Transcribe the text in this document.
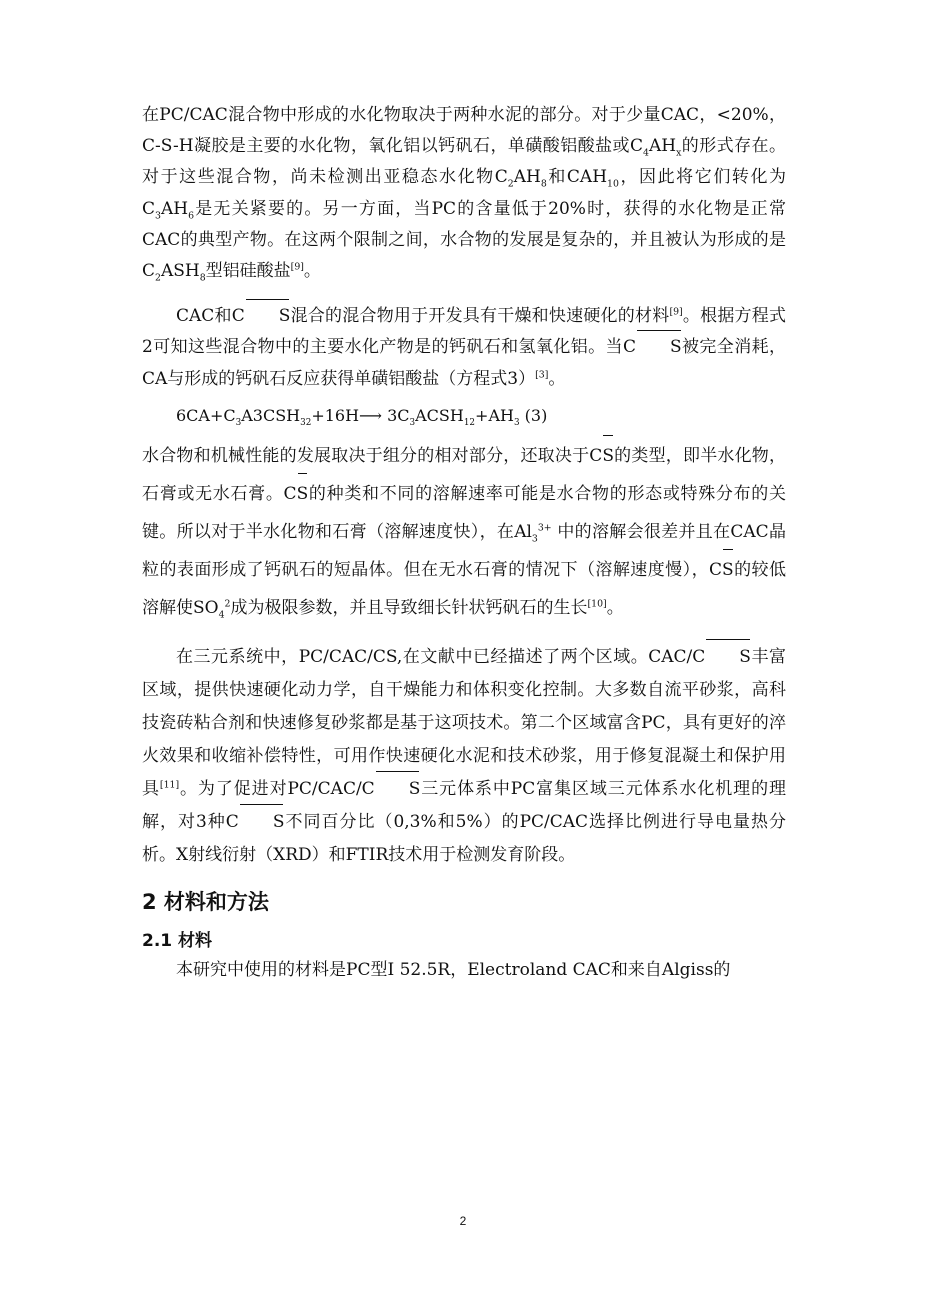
在PC/CAC混合物中形成的水化物取决于两种水泥的部分。对于少量CAC，<20%，C-S-H凝胶是主要的水化物，氧化铝以钙矾石，单磺酸铝酸盐或$C_4AH_x$的形式存在。对于这些混合物，尚未检测出亚稳态水化物$C_2AH_8$和$CAH_{10}$，因此将它们转化为$C_3AH_6$是无关紧要的。另一方面，当PC的含量低于20%时，获得的水化物是正常CAC的典型产物。在这两个限制之间，水合物的发展是复杂的，并且被认为形成的是$C_2ASH_8$型铝硅酸盐[9]。

CAC和C S混合的混合物用于开发具有干燥和快速硬化的材料[9]。根据方程式2可知这些混合物中的主要水化产物是的钙矾石和氢氧化铝。当C S被完全消耗，CA与形成的钙矾石反应获得单磺铝酸盐（方程式3）[3]。

$6CA+C_3A3CSH_{32}+16H⟶$ $3C_3ACSH_{12}+AH_3$ (3)

水合物和机械性能的发展取决于组分的相对部分，还取决于CS的类型，即半水化物，石膏或无水石膏。CS的种类和不同的溶解速率可能是水合物的形态或特殊分布的关键。所以对于半水化物和石膏（溶解速度快），在$Al_3^{3+}$ 中的溶解会很差并且在CAC晶粒的表面形成了钙矾石的短晶体。但在无水石膏的情况下（溶解速度慢），CS的较低溶解使$SO_4^2$成为极限参数，并且导致细长针状钙矾石的生长[10]。

在三元系统中，PC/CAC/CS,在文献中已经描述了两个区域。CAC/C S丰富区域，提供快速硬化动力学，自干燥能力和体积变化控制。大多数自流平砂浆，高科技瓷砖粘合剂和快速修复砂浆都是基于这项技术。第二个区域富含PC，具有更好的淬火效果和收缩补偿特性，可用作快速硬化水泥和技术砂浆，用于修复混凝土和保护用具[11]。为了促进对PC/CAC/C S三元体系中PC富集区域三元体系水化机理的理解，对3种C S不同百分比（0,3%和5%）的PC/CAC选择比例进行导电量热分析。X射线衍射（XRD）和FTIR技术用于检测发育阶段。

2 材料和方法
2.1 材料

本研究中使用的材料是PC型I 52.5R，Electroland CAC和来自Algiss的

2
